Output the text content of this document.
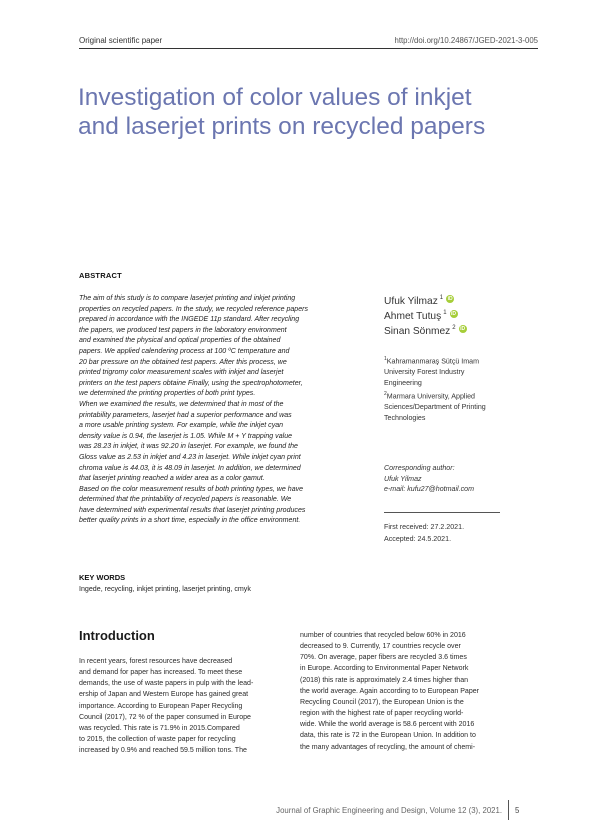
Original scientific paper	http://doi.org/10.24867/JGED-2021-3-005
Investigation of color values of inkjet
and laserjet prints on recycled papers
ABSTRACT

The aim of this study is to compare laserjet printing and inkjet printing

properties on recycled papers. In the study, we recycled reference papers

prepared in accordance with the INGEDE 11p standard. After recycling

the papers, we produced test papers in the laboratory environment

and examined the physical and optical properties of the obtained

papers. We applied calendering process at 100 ºC temperature and

20 bar pressure on the obtained test papers. After this process, we

printed trigromy color measurement scales with inkjet and laserjet

printers on the test papers obtaine Finally, using the spectrophotometer,

we determined the printing properties of both print types.

When we examined the results, we determined that in most of the

printability parameters, laserjet had a superior performance and was

a more usable printing system. For example, while the inkjet cyan

density value is 0.94, the laserjet is 1.05. While M + Y trapping value

was 28.23 in inkjet, it was 92.20 in laserjet. For example, we found the

Gloss value as 2.53 in inkjet and 4.23 in laserjet. While inkjet cyan print

chroma value is 44.03, it is 48.09 in laserjet. In addition, we determined

that laserjet printing reached a wider area as a color gamut.

Based on the color measurement results of both printing types, we have

determined that the printability of recycled papers is reasonable. We

have determined with experimental results that laserjet printing produces

better quality prints in a short time, especially in the office environment.

KEY WORDS
Ingede, recycling, inkjet printing, laserjet printing, cmyk
Ufuk Yilmaz $^1$ iD
Ahmet Tutuş $^1$ iD
Sinan Sönmez $^2$ iD

$^1$Kahramanmaraş Sütçü Imam
University Forest Industry
Engineering

$^2$Marmara University, Applied
Sciences/Department of Printing
Technologies

Corresponding author:

Ufuk Yilmaz

e-mail: kufu27@hotmail.com

First received: 27.2.2021.

Accepted: 24.5.2021.

Introduction

In recent years, forest resources have decreased

and demand for paper has increased. To meet these

demands, the use of waste papers in pulp with the lead-

ership of Japan and Western Europe has gained great

importance. According to European Paper Recycling

Council (2017), 72 % of the paper consumed in Europe

was recycled. This rate is 71.9% in 2015.Compared

to 2015, the collection of waste paper for recycling

increased by 0.9% and reached 59.5 million tons. The

number of countries that recycled below 60% in 2016

decreased to 9. Currently, 17 countries recycle over

70%. On average, paper fibers are recycled 3.6 times

in Europe. According to Environmental Paper Network

(2018) this rate is approximately 2.4 times higher than

the world average. Again according to to European Paper

Recycling Council (2017), the European Union is the

region with the highest rate of paper recycling world-

wide. While the world average is 58.6 percent with 2016

data, this rate is 72 in the European Union. In addition to

the many advantages of recycling, the amount of chemi-

Journal of Graphic Engineering and Design, Volume 12 (3), 2021. 5
